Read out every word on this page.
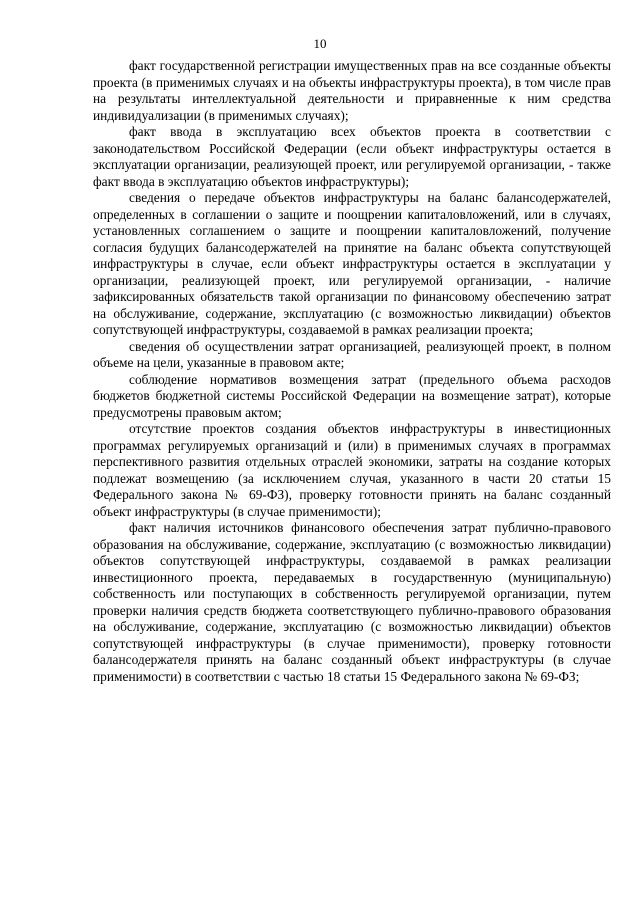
10

факт государственной регистрации имущественных прав на все созданные объекты проекта (в применимых случаях и на объекты инфраструктуры проекта), в том числе прав на результаты интеллектуальной деятельности и приравненные к ним средства индивидуализации (в применимых случаях);

факт ввода в эксплуатацию всех объектов проекта в соответствии с законодательством Российской Федерации (если объект инфраструктуры остается в эксплуатации организации, реализующей проект, или регулируемой организации, - также факт ввода в эксплуатацию объектов инфраструктуры);

сведения о передаче объектов инфраструктуры на баланс балансодержателей, определенных в соглашении о защите и поощрении капиталовложений, или в случаях, установленных соглашением о защите и поощрении капиталовложений, получение согласия будущих балансодержателей на принятие на баланс объекта сопутствующей инфраструктуры в случае, если объект инфраструктуры остается в эксплуатации у организации, реализующей проект, или регулируемой организации, - наличие зафиксированных обязательств такой организации по финансовому обеспечению затрат на обслуживание, содержание, эксплуатацию (с возможностью ликвидации) объектов сопутствующей инфраструктуры, создаваемой в рамках реализации проекта;

сведения об осуществлении затрат организацией, реализующей проект, в полном объеме на цели, указанные в правовом акте;

соблюдение нормативов возмещения затрат (предельного объема расходов бюджетов бюджетной системы Российской Федерации на возмещение затрат), которые предусмотрены правовым актом;

отсутствие проектов создания объектов инфраструктуры в инвестиционных программах регулируемых организаций и (или) в применимых случаях в программах перспективного развития отдельных отраслей экономики, затраты на создание которых подлежат возмещению (за исключением случая, указанного в части 20 статьи 15 Федерального закона № 69-ФЗ), проверку готовности принять на баланс созданный объект инфраструктуры (в случае применимости);

факт наличия источников финансового обеспечения затрат публично-правового образования на обслуживание, содержание, эксплуатацию (с возможностью ликвидации) объектов сопутствующей инфраструктуры, создаваемой в рамках реализации инвестиционного проекта, передаваемых в государственную (муниципальную) собственность или поступающих в собственность регулируемой организации, путем проверки наличия средств бюджета соответствующего публично-правового образования на обслуживание, содержание, эксплуатацию (с возможностью ликвидации) объектов сопутствующей инфраструктуры (в случае применимости), проверку готовности балансодержателя принять на баланс созданный объект инфраструктуры (в случае применимости) в соответствии с частью 18 статьи 15 Федерального закона № 69-ФЗ;
